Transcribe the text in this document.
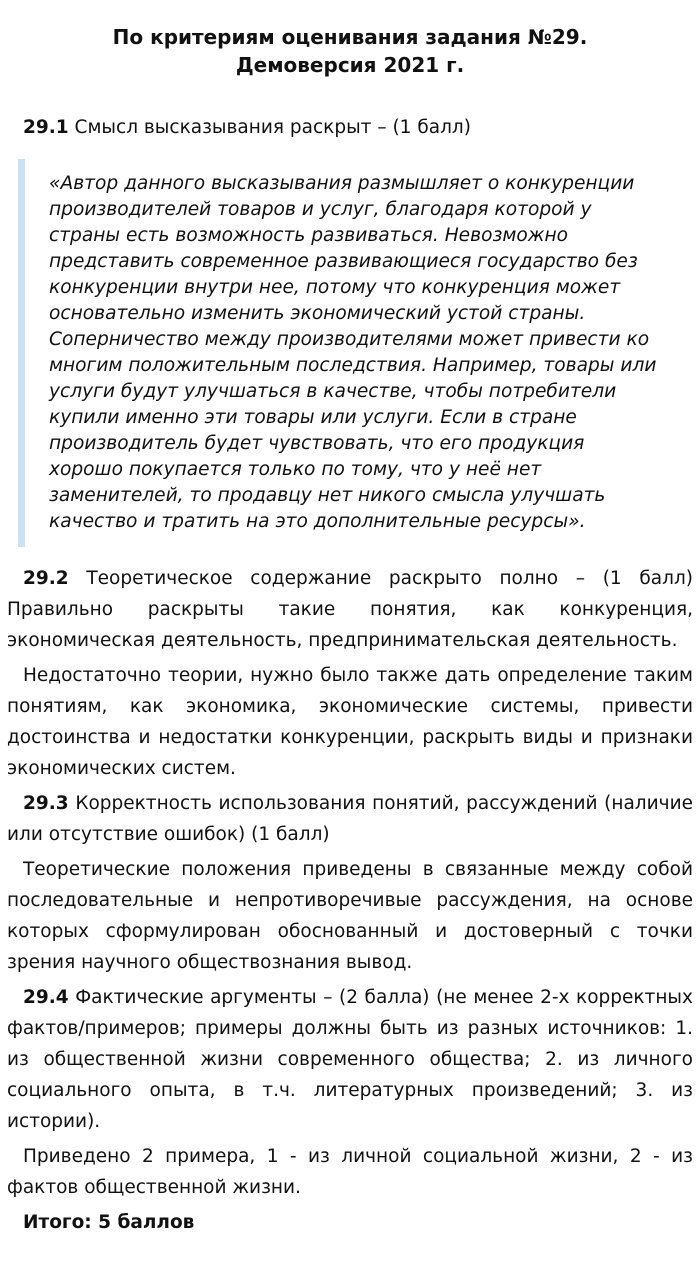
По критериям оценивания задания №29.
Демоверсия 2021 г.

29.1 Смысл высказывания раскрыт – (1 балл)

«Автор данного высказывания размышляет о конкуренции производителей товаров и услуг, благодаря которой у страны есть возможность развиваться. Невозможно представить современное развивающиеся государство без конкуренции внутри нее, потому что конкуренция может основательно изменить экономический устой страны. Соперничество между производителями может привести ко многим положительным последствия. Например, товары или услуги будут улучшаться в качестве, чтобы потребители купили именно эти товары или услуги. Если в стране производитель будет чувствовать, что его продукция хорошо покупается только по тому, что у неё нет заменителей, то продавцу нет никого смысла улучшать качество и тратить на это дополнительные ресурсы».

29.2 Теоретическое содержание раскрыто полно – (1 балл) Правильно раскрыты такие понятия, как конкуренция, экономическая деятельность, предпринимательская деятельность.

Недостаточно теории, нужно было также дать определение таким понятиям, как экономика, экономические системы, привести достоинства и недостатки конкуренции, раскрыть виды и признаки экономических систем.

29.3 Корректность использования понятий, рассуждений (наличие или отсутствие ошибок) (1 балл)

Теоретические положения приведены в связанные между собой последовательные и непротиворечивые рассуждения, на основе которых сформулирован обоснованный и достоверный с точки зрения научного обществознания вывод.

29.4 Фактические аргументы – (2 балла) (не менее 2-х корректных фактов/примеров; примеры должны быть из разных источников: 1. из общественной жизни современного общества; 2. из личного социального опыта, в т.ч. литературных произведений; 3. из истории).

Приведено 2 примера, 1 - из личной социальной жизни, 2 - из фактов общественной жизни.

Итого: 5 баллов
